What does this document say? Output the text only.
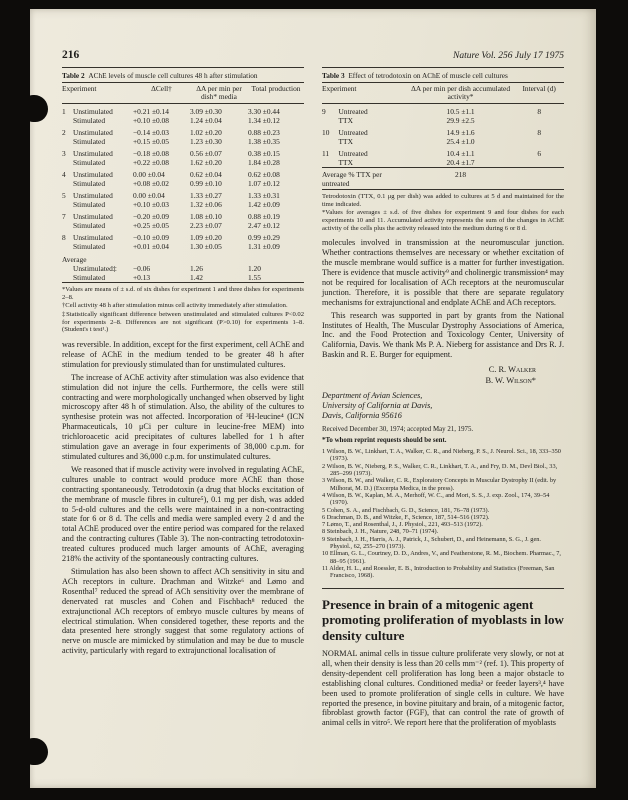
216	Nature Vol. 256 July 17 1975
Table 2 AChE levels of muscle cell cultures 48 h after stimulation
Experiment		ΔCell†	ΔA per min per dish* media	Total production
1	Unstimulated	+0.21 ±0.14	3.09 ±0.30	3.30 ±0.44
	Stimulated	+0.10 ±0.08	1.24 ±0.04	1.34 ±0.12
2	Unstimulated	−0.14 ±0.03	1.02 ±0.20	0.88 ±0.23
	Stimulated	+0.15 ±0.05	1.23 ±0.30	1.38 ±0.35
3	Unstimulated	−0.18 ±0.08	0.56 ±0.07	0.38 ±0.15
	Stimulated	+0.22 ±0.08	1.62 ±0.20	1.84 ±0.28
4	Unstimulated	0.00 ±0.04	0.62 ±0.04	0.62 ±0.08
	Stimulated	+0.08 ±0.02	0.99 ±0.10	1.07 ±0.12
5	Unstimulated	0.00 ±0.04	1.33 ±0.27	1.33 ±0.31
	Stimulated	+0.10 ±0.03	1.32 ±0.06	1.42 ±0.09
7	Unstimulated	−0.20 ±0.09	1.08 ±0.10	0.88 ±0.19
	Stimulated	+0.25 ±0.05	2.23 ±0.07	2.47 ±0.12
8	Unstimulated	−0.10 ±0.09	1.09 ±0.20	0.99 ±0.29
	Stimulated	+0.01 ±0.04	1.30 ±0.05	1.31 ±0.09
Average				
	Unstimulated‡	−0.06	1.26	1.20
	Stimulated	+0.13	1.42	1.55

*Values are means of ± s.d. of six dishes for experiment 1 and three dishes for experiments 2–8.

†Cell activity 48 h after stimulation minus cell activity immediately after stimulation.

‡Statistically significant difference between unstimulated and stimulated cultures P<0.02 for experiments 2–8. Differences are not significant (P>0.10) for experiments 1–8. (Student's t test¹.)

was reversible. In addition, except for the first experiment, cell AChE and release of AChE in the medium tended to be greater 48 h after stimulation for previously stimulated than for unstimulated cultures.

The increase of AChE activity after stimulation was also evidence that stimulation did not injure the cells. Furthermore, the cells were still contracting and were morphologically unchanged when observed by light microscopy after 48 h of stimulation. Also, the ability of the cultures to synthesise protein was not affected. Incorporation of ³H-leucine⁴ (ICN Pharmaceuticals, 10 μCi per culture in leucine-free MEM) into trichloroacetic acid precipitates of cultures labelled for 1 h after stimulation gave an average in four experiments of 38,000 c.p.m. for stimulated cultures and 36,000 c.p.m. for unstimulated cultures.

We reasoned that if muscle activity were involved in regulating AChE, cultures unable to contract would produce more AChE than those contracting spontaneously. Tetrodotoxin (a drug that blocks excitation of the membrane of muscle fibres in culture⁵), 0.1 mg per dish, was added to 5-d-old cultures and the cells were maintained in a non-contracting state for 6 or 8 d. The cells and media were sampled every 2 d and the total AChE produced over the entire period was compared for the relaxed and the contracting cultures (Table 3). The non-contracting tetrodotoxin-treated cultures produced much larger amounts of AChE, averaging 218% the activity of the spontaneously contracting cultures.

Stimulation has also been shown to affect ACh sensitivity in situ and ACh receptors in culture. Drachman and Witzke⁶ and Lømo and Rosenthal⁷ reduced the spread of ACh sensitivity over the membrane of denervated rat muscles and Cohen and Fischbach⁸ reduced the extrajunctional ACh receptors of embryo muscle cultures by means of electrical stimulation. When considered together, these reports and the data presented here strongly suggest that some regulatory actions of nerve on muscle are mimicked by stimulation and may be due to muscle activity, particularly with regard to extrajunctional localisation of

Table 3 Effect of tetrodotoxin on AChE of muscle cell cultures
Experiment		ΔA per min per dish accumulated activity*	Interval (d)
9	Untreated	10.5 ±1.1	8
	TTX	29.9 ±2.5	
10	Untreated	14.9 ±1.6	8
	TTX	25.4 ±1.0	
11	Untreated	10.4 ±1.1	6
	TTX	20.4 ±1.7	
Average % TTX per untreated		218	

Tetrodotoxin (TTX, 0.1 μg per dish) was added to cultures at 5 d and maintained for the time indicated.

*Values for averages ± s.d. of five dishes for experiment 9 and four dishes for each experiments 10 and 11. Accumulated activity represents the sum of the changes in AChE activity of the cells plus the activity released into the medium during 6 or 8 d.

molecules involved in transmission at the neuromuscular junction. Whether contractions themselves are necessary or whether excitation of the muscle membrane would suffice is a matter for further investigation. There is evidence that muscle activity⁹ and cholinergic transmission⁴ may not be required for localisation of ACh receptors at the neuromuscular junction. Therefore, it is possible that there are separate regulatory mechanisms for extrajunctional and endplate AChE and ACh receptors.

This research was supported in part by grants from the National Institutes of Health, The Muscular Dystrophy Associations of America, Inc. and the Food Protection and Toxicology Center, University of California, Davis. We thank Ms P. A. Nieberg for assistance and Drs R. J. Baskin and R. E. Burger for equipment.

C. R. Walker
B. W. Wilson*
Department of Avian Sciences,
University of California at Davis,
Davis, California 95616
Received December 30, 1974; accepted May 21, 1975.
*To whom reprint requests should be sent.
1 Wilson, B. W., Linkhart, T. A., Walker, C. R., and Nieberg, P. S., J. Neurol. Sci., 18, 333–350 (1973).
2 Wilson, B. W., Nieberg, P. S., Walker, C. R., Linkhart, T. A., and Fry, D. M., Devl Biol., 33, 285–299 (1973).
3 Wilson, B. W., and Walker, C. R., Exploratory Concepts in Muscular Dystrophy II (edit. by Milhorat, M. D.) (Excerpta Medica, in the press).
4 Wilson, B. W., Kaplan, M. A., Merhoff, W. C., and Mori, S. S., J. exp. Zool., 174, 39–54 (1970).
5 Cohen, S. A., and Fischbach, G. D., Science, 181, 76–78 (1973).
6 Drachman, D. B., and Witzke, F., Science, 187, 514–516 (1972).
7 Lømo, T., and Rosenthal, J., J. Physiol., 221, 493–513 (1972).
8 Steinbach, J. H., Nature, 248, 70–71 (1974).
9 Steinbach, J. H., Harris, A. J., Patrick, J., Schubert, D., and Heinemann, S. G., J. gen. Physiol., 62, 255–270 (1973).
10 Ellman, G. L., Courtney, D. D., Andres, V., and Featherstone, R. M., Biochem. Pharmac., 7, 88–95 (1961).
11 Alder, H. L., and Roessler, E. B., Introduction to Probability and Statistics (Freeman, San Francisco, 1968).
Presence in brain of a mitogenic agent promoting proliferation of myoblasts in low density culture

NORMAL animal cells in tissue culture proliferate very slowly, or not at all, when their density is less than 20 cells mm⁻² (ref. 1). This property of density-dependent cell proliferation has long been a major obstacle to establishing clonal cultures. Conditioned media² or feeder layers³,⁴ have been used to promote proliferation of single cells in culture. We have reported the presence, in bovine pituitary and brain, of a mitogenic factor, fibroblast growth factor (FGF), that can control the rate of growth of animal cells in vitro⁵. We report here that the proliferation of myoblasts
